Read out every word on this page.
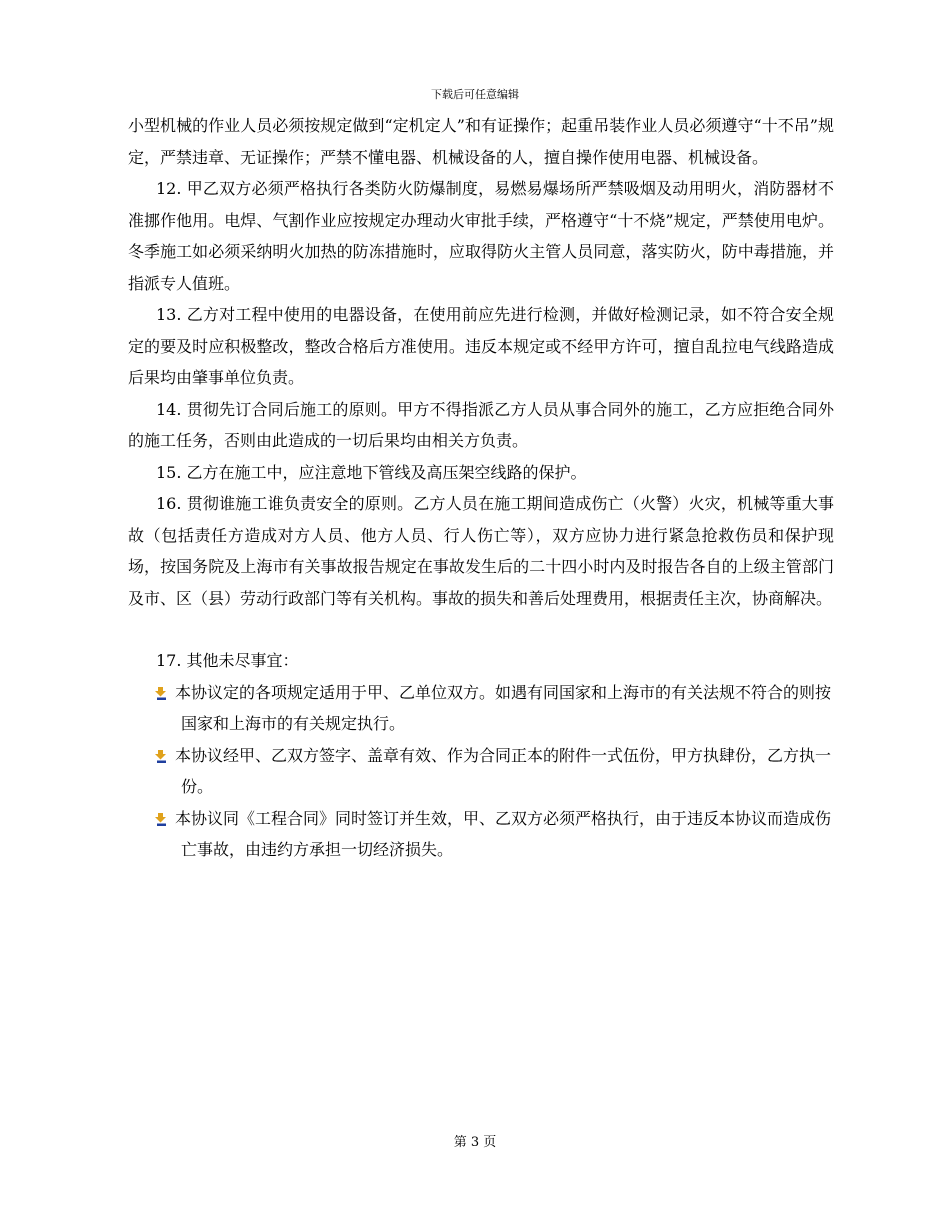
下载后可任意编辑

小型机械的作业人员必须按规定做到“定机定人”和有证操作；起重吊装作业人员必须遵守“十不吊”规定，严禁违章、无证操作；严禁不懂电器、机械设备的人，擅自操作使用电器、机械设备。

12. 甲乙双方必须严格执行各类防火防爆制度，易燃易爆场所严禁吸烟及动用明火，消防器材不准挪作他用。电焊、气割作业应按规定办理动火审批手续，严格遵守“十不烧”规定，严禁使用电炉。冬季施工如必须采纳明火加热的防冻措施时，应取得防火主管人员同意，落实防火，防中毒措施，并指派专人值班。

13. 乙方对工程中使用的电器设备，在使用前应先进行检测，并做好检测记录，如不符合安全规定的要及时应积极整改，整改合格后方准使用。违反本规定或不经甲方许可，擅自乱拉电气线路造成后果均由肇事单位负责。

14. 贯彻先订合同后施工的原则。甲方不得指派乙方人员从事合同外的施工，乙方应拒绝合同外的施工任务，否则由此造成的一切后果均由相关方负责。

15. 乙方在施工中，应注意地下管线及高压架空线路的保护。

16. 贯彻谁施工谁负责安全的原则。乙方人员在施工期间造成伤亡（火警）火灾，机械等重大事故（包括责任方造成对方人员、他方人员、行人伤亡等），双方应协力进行紧急抢救伤员和保护现场，按国务院及上海市有关事故报告规定在事故发生后的二十四小时内及时报告各自的上级主管部门及市、区（县）劳动行政部门等有关机构。事故的损失和善后处理费用，根据责任主次，协商解决。

17. 其他未尽事宜：

本协议定的各项规定适用于甲、乙单位双方。如遇有同国家和上海市的有关法规不符合的则按国家和上海市的有关规定执行。
本协议经甲、乙双方签字、盖章有效、作为合同正本的附件一式伍份，甲方执肆份，乙方执一份。
本协议同《工程合同》同时签订并生效，甲、乙双方必须严格执行，由于违反本协议而造成伤亡事故，由违约方承担一切经济损失。
第 3 页
